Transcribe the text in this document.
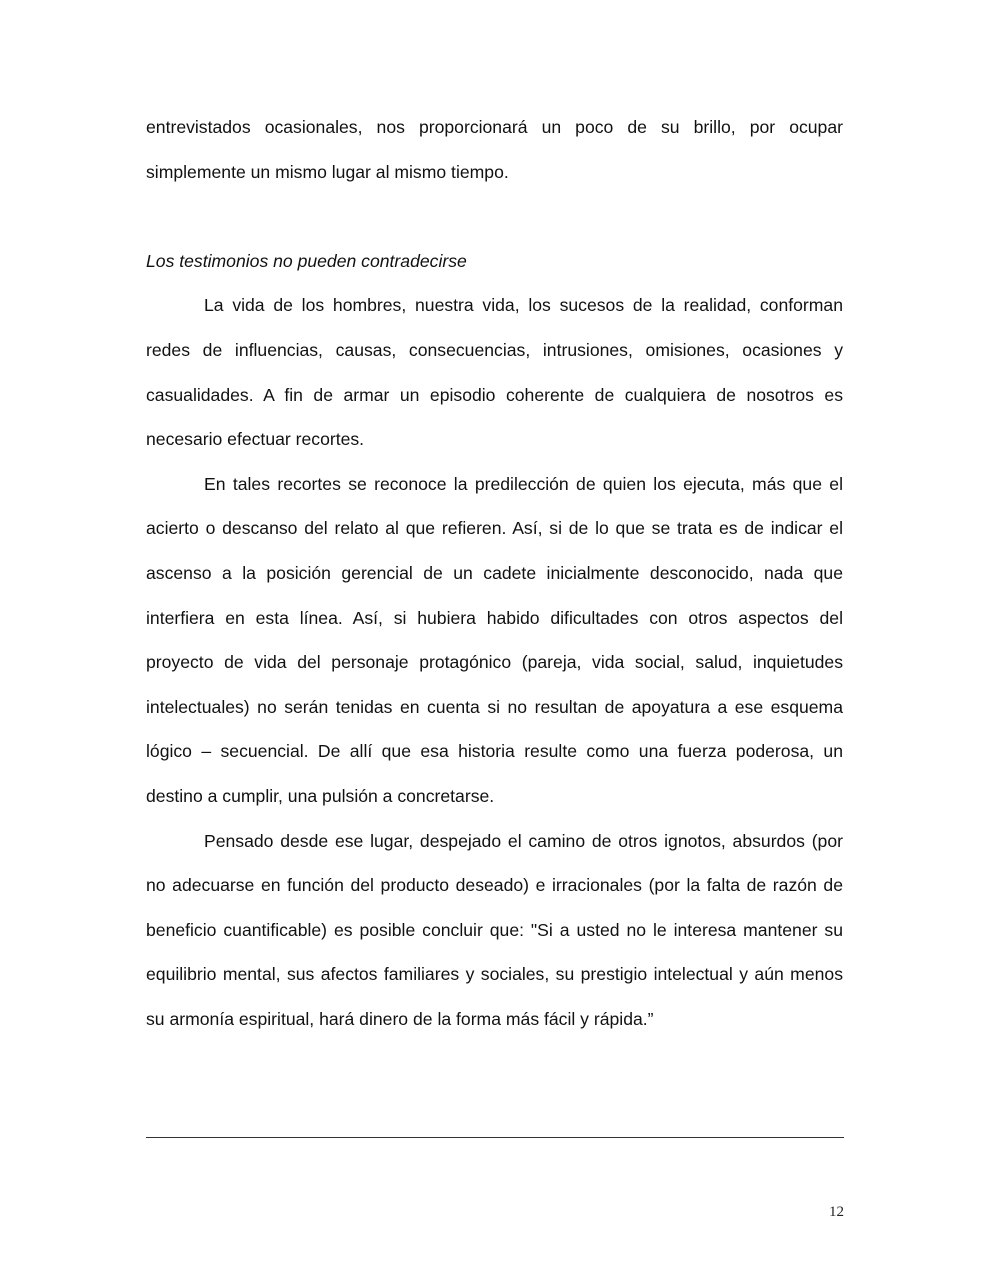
entrevistados ocasionales, nos proporcionará un poco de su brillo, por ocupar simplemente un mismo lugar al mismo tiempo.

Los testimonios no pueden contradecirse

La vida de los hombres, nuestra vida, los sucesos de la realidad, conforman redes de influencias, causas, consecuencias, intrusiones, omisiones, ocasiones y casualidades. A fin de armar un episodio coherente de cualquiera de nosotros es necesario efectuar recortes.

En tales recortes se reconoce la predilección de quien los ejecuta, más que el acierto o descanso del relato al que refieren. Así, si de lo que se trata es de indicar el ascenso a la posición gerencial de un cadete inicialmente desconocido, nada que interfiera en esta línea. Así, si hubiera habido dificultades con otros aspectos del proyecto de vida del personaje protagónico (pareja, vida social, salud, inquietudes intelectuales) no serán tenidas en cuenta si no resultan de apoyatura a ese esquema lógico – secuencial. De allí que esa historia resulte como una fuerza poderosa, un destino a cumplir, una pulsión a concretarse.

Pensado desde ese lugar, despejado el camino de otros ignotos, absurdos (por no adecuarse en función del producto deseado) e irracionales (por la falta de razón de beneficio cuantificable) es posible concluir que: "Si a usted no le interesa mantener su equilibrio mental, sus afectos familiares y sociales, su prestigio intelectual y aún menos su armonía espiritual, hará dinero de la forma más fácil y rápida.”

12
